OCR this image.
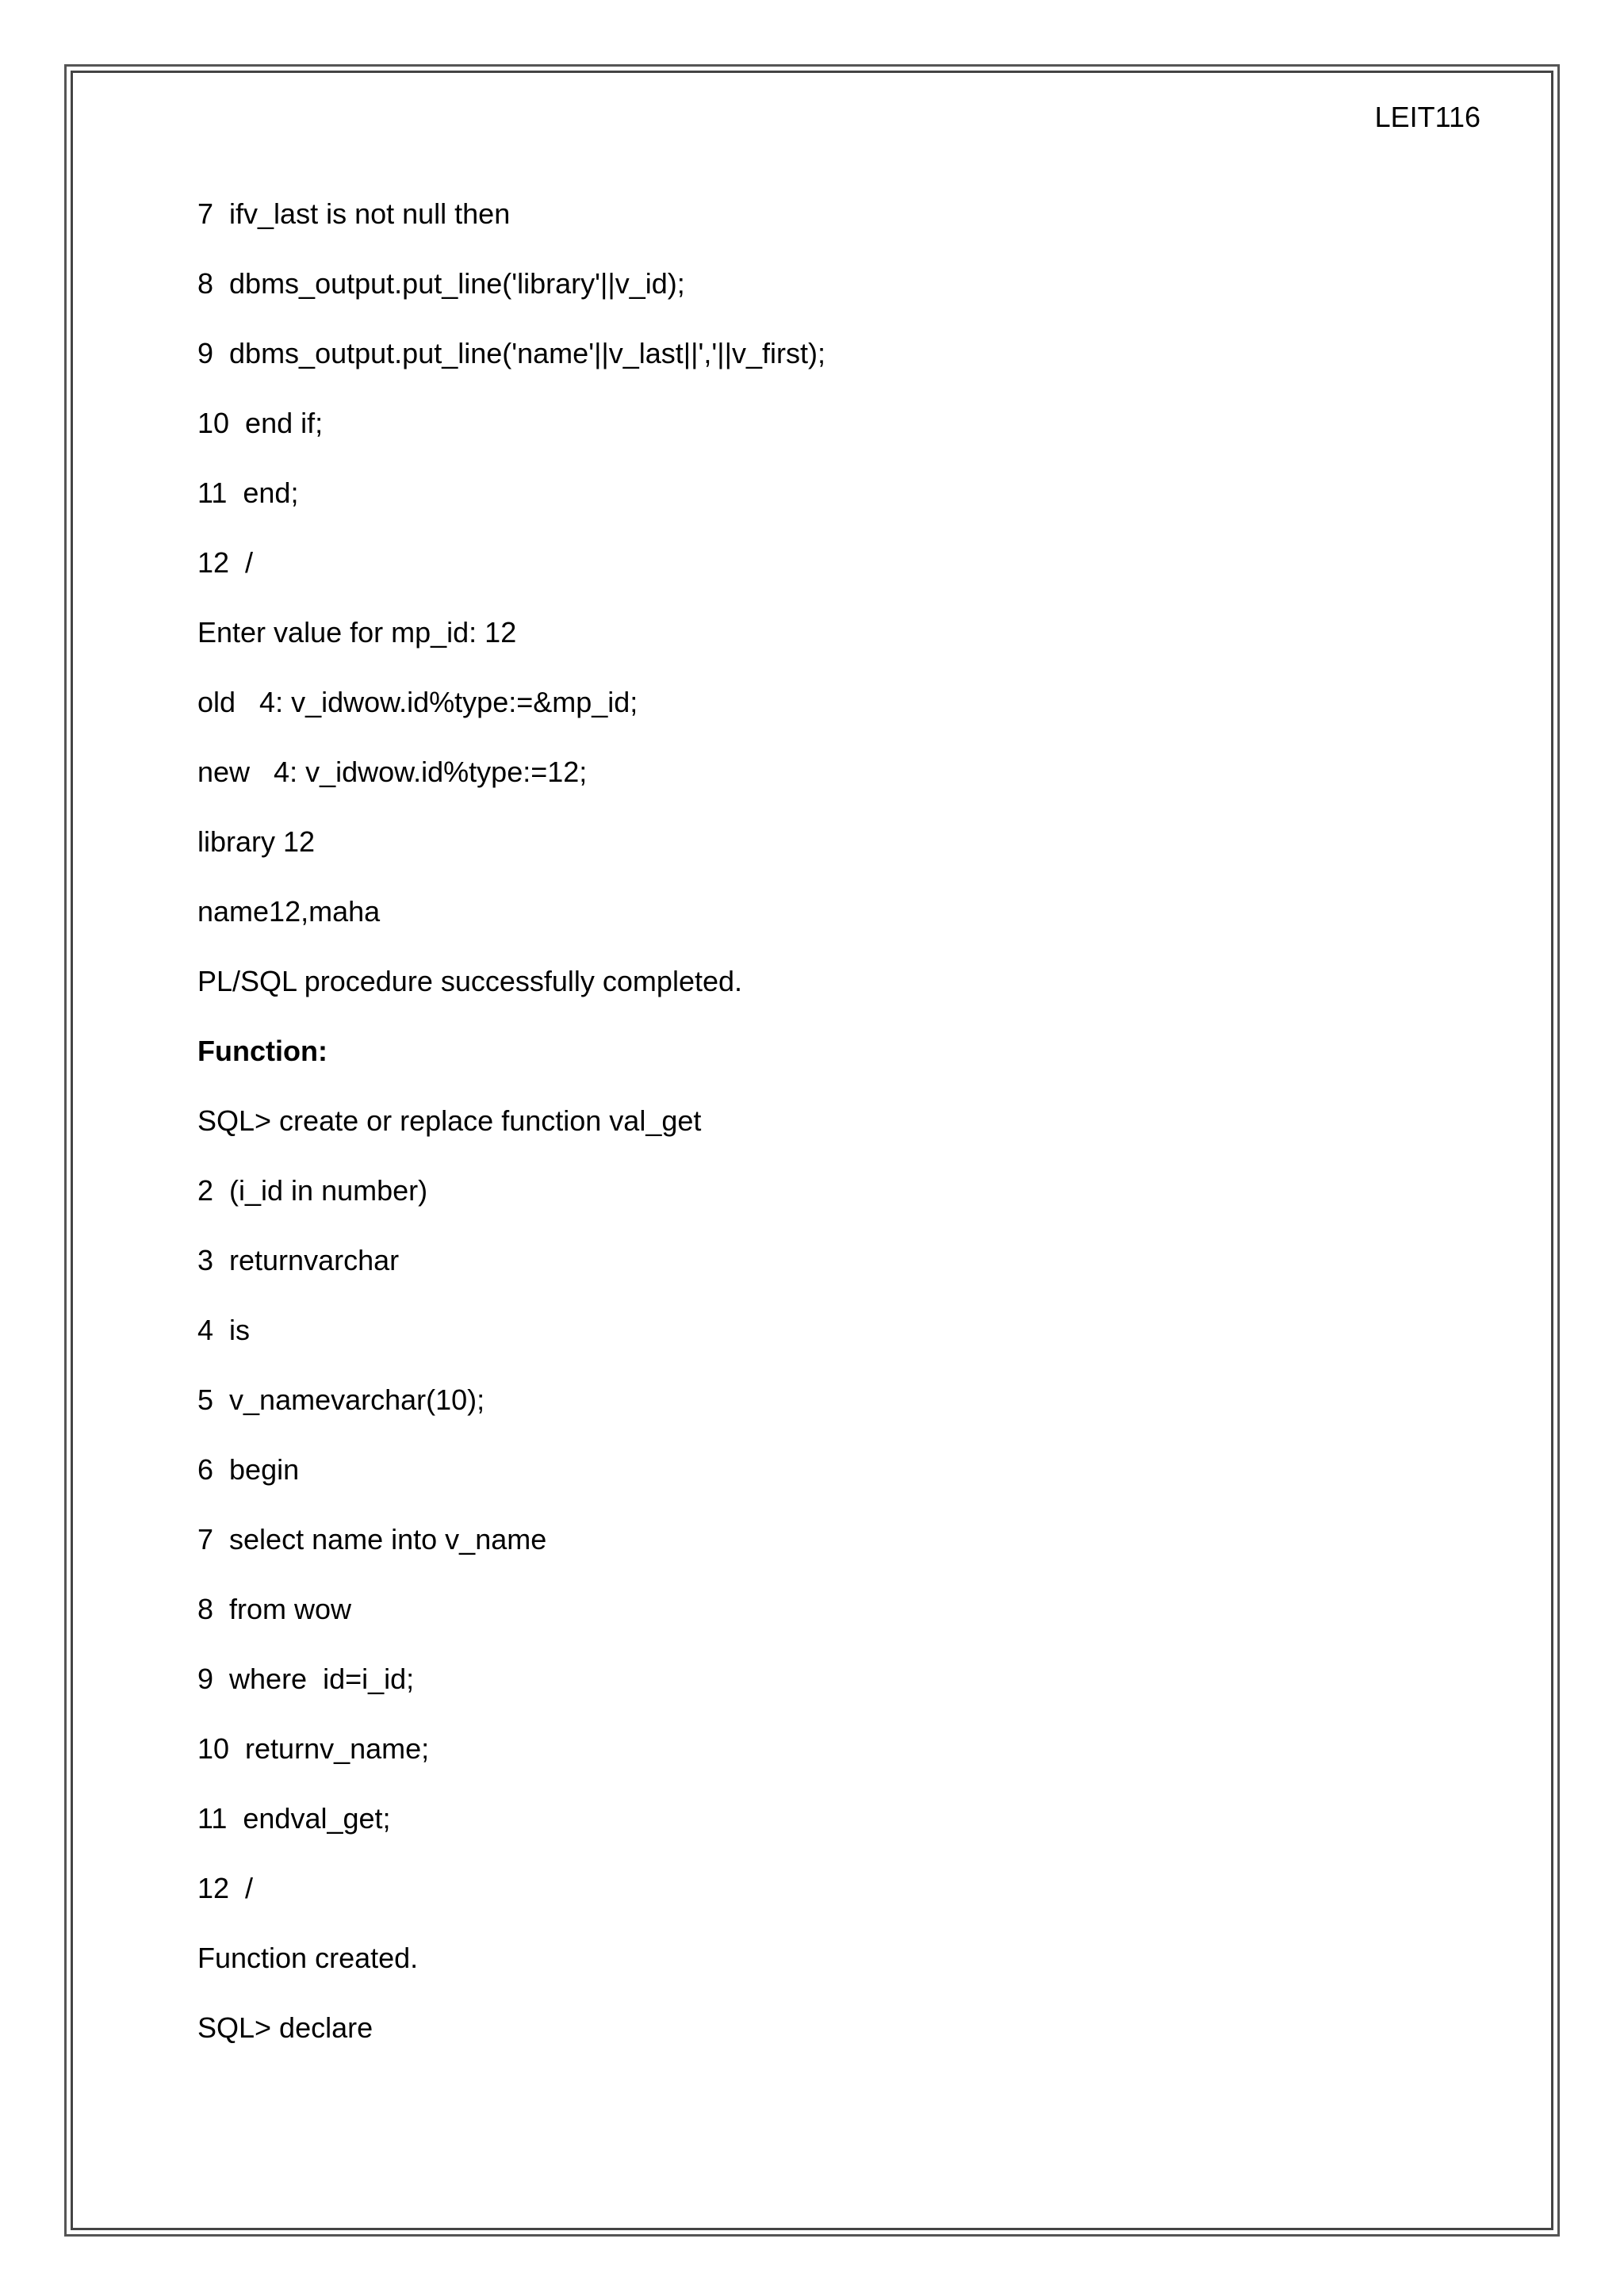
LEIT116

7  ifv_last is not null then

8  dbms_output.put_line('library'||v_id);

9  dbms_output.put_line('name'||v_last||','||v_first);

10  end if;

11  end;

12  /

Enter value for mp_id: 12

old   4: v_idwow.id%type:=&mp_id;

new   4: v_idwow.id%type:=12;

library 12

name12,maha

PL/SQL procedure successfully completed.

Function:

SQL> create or replace function val_get

2  (i_id in number)

3  returnvarchar

4  is

5  v_namevarchar(10);

6  begin

7  select name into v_name

8  from wow

9  where  id=i_id;

10  returnv_name;

11  endval_get;

12  /

Function created.

SQL> declare
